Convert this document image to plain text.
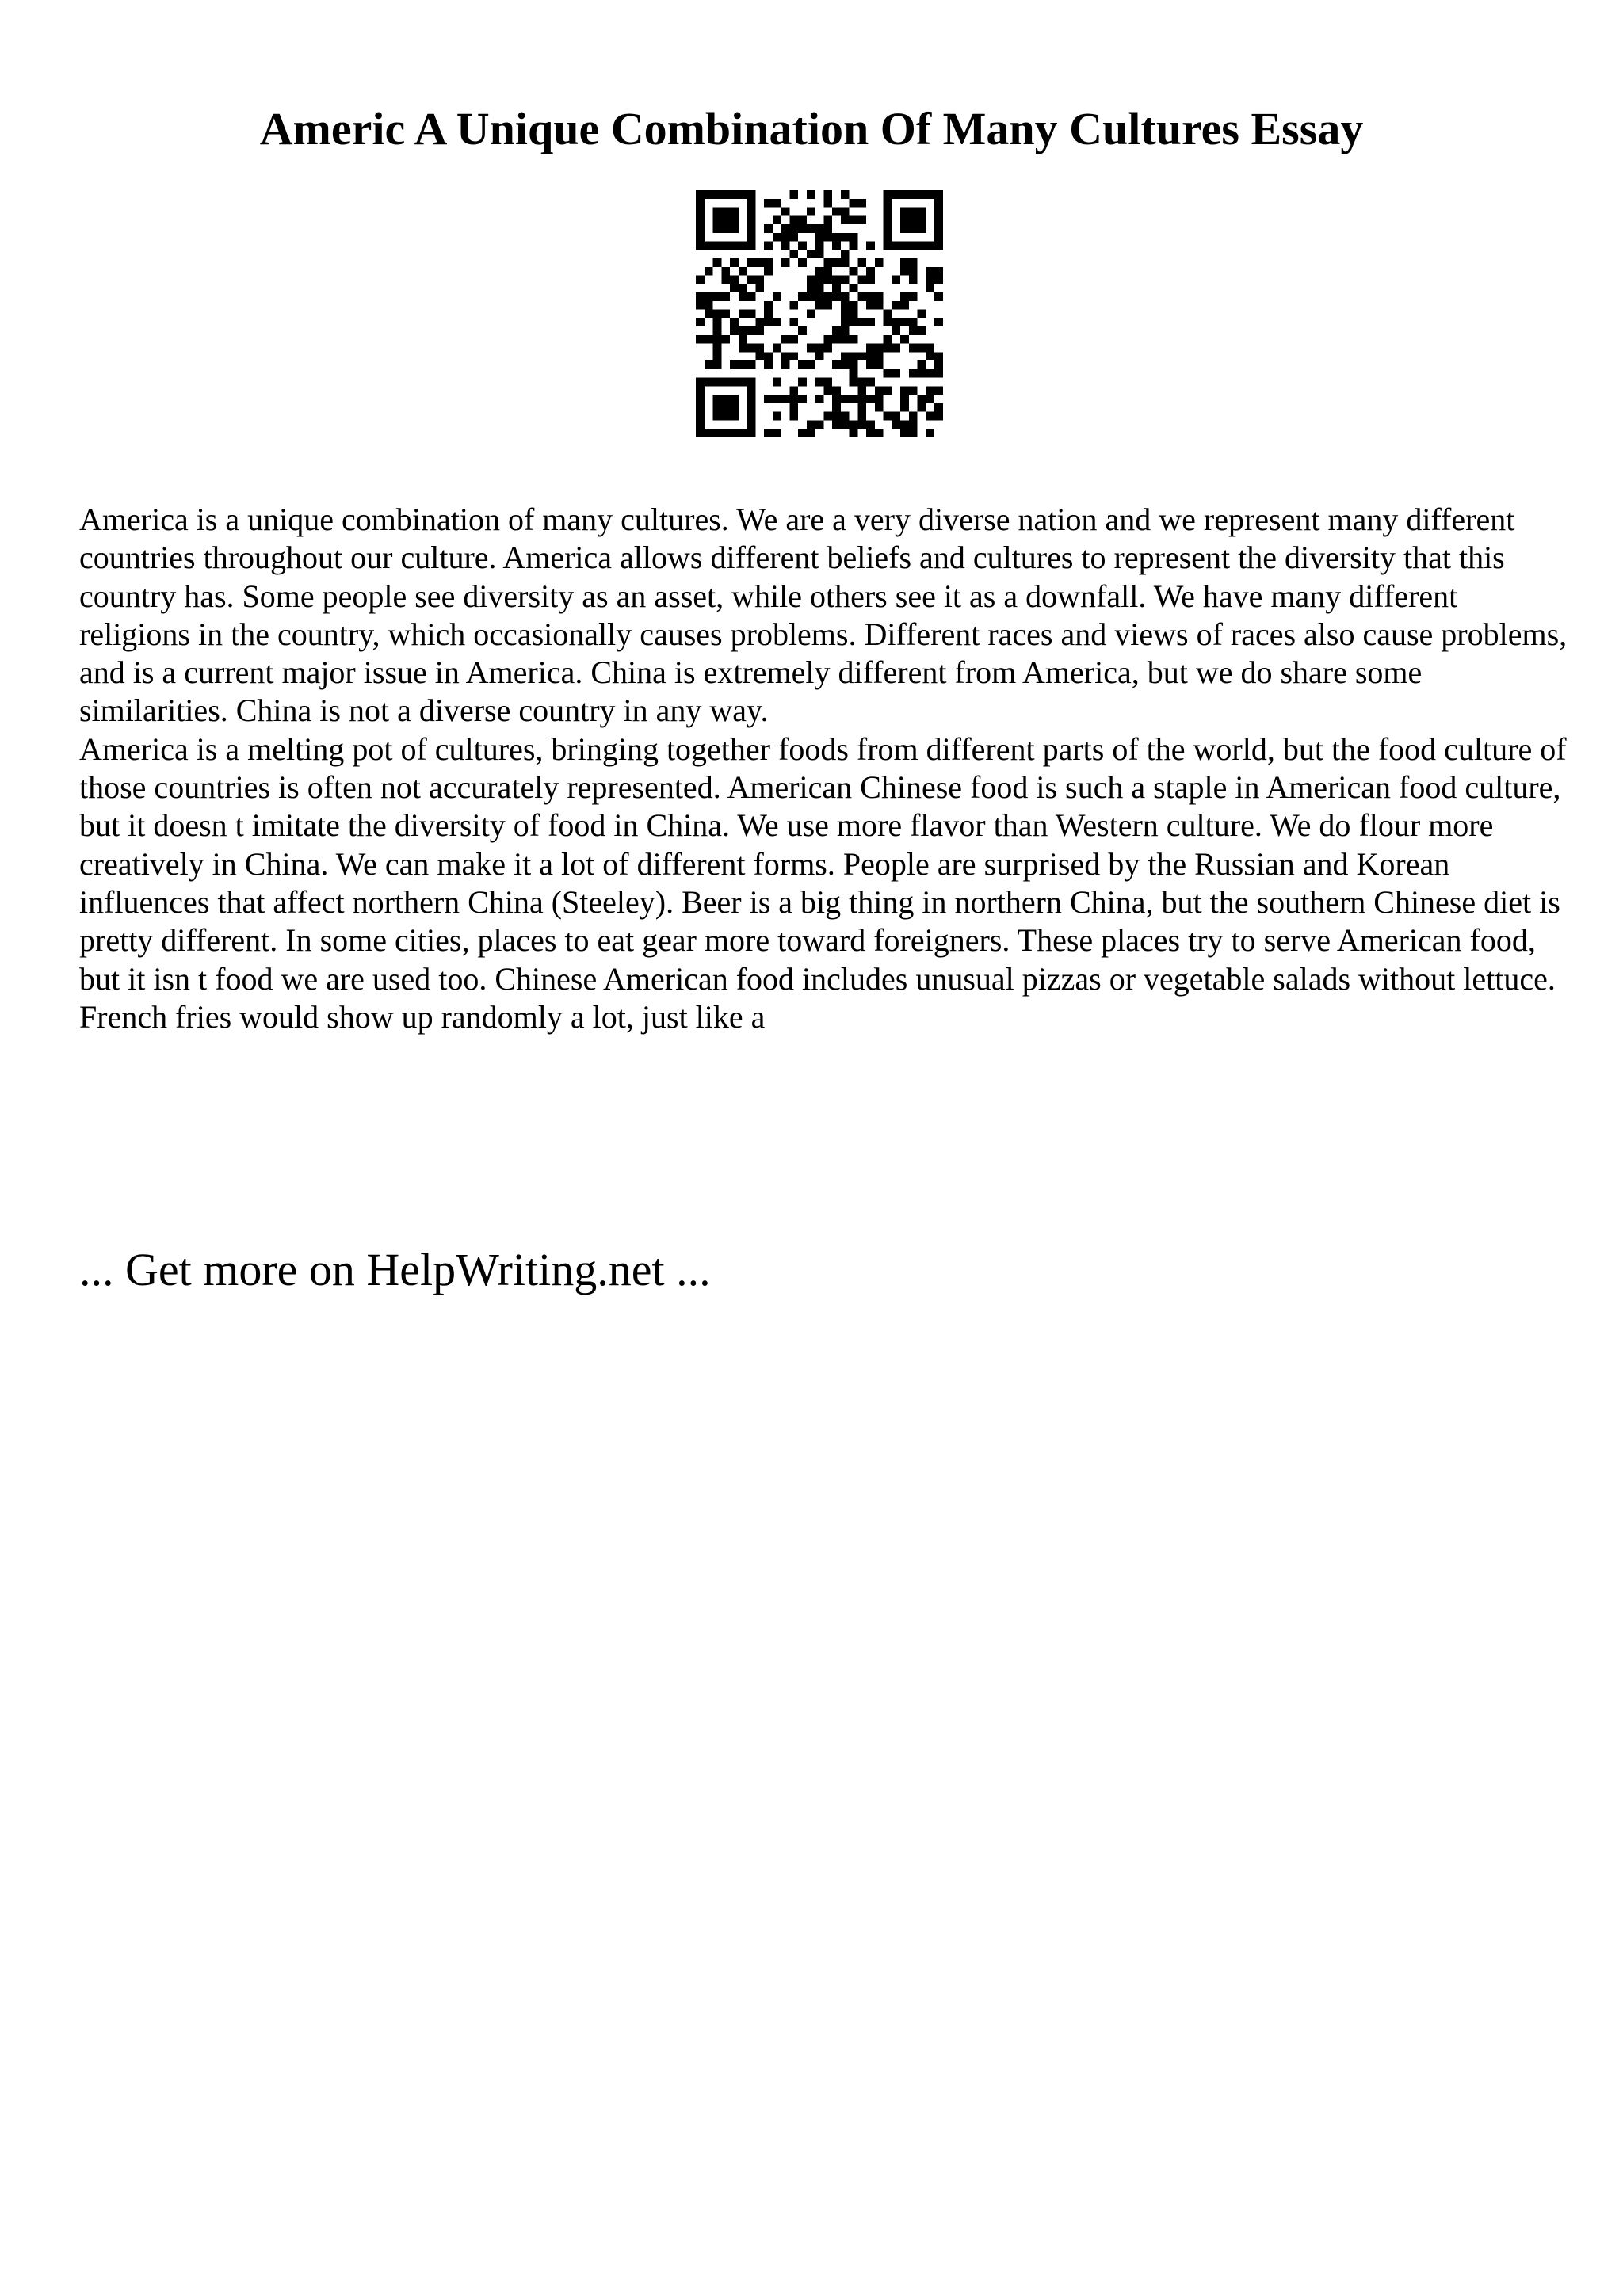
Americ A Unique Combination Of Many Cultures Essay

America is a unique combination of many cultures. We are a very diverse nation and we represent many different countries throughout our culture. America allows different beliefs and cultures to represent the diversity that this country has. Some people see diversity as an asset, while others see it as a downfall. We have many different religions in the country, which occasionally causes problems. Different races and views of races also cause problems, and is a current major issue in America. China is extremely different from America, but we do share some similarities. China is not a diverse country in any way.

America is a melting pot of cultures, bringing together foods from different parts of the world, but the food culture of those countries is often not accurately represented. American Chinese food is such a staple in American food culture, but it doesn t imitate the diversity of food in China. We use more flavor than Western culture. We do flour more creatively in China. We can make it a lot of different forms. People are surprised by the Russian and Korean influences that affect northern China (Steeley). Beer is a big thing in northern China, but the southern Chinese diet is pretty different. In some cities, places to eat gear more toward foreigners. These places try to serve American food, but it isn t food we are used too. Chinese American food includes unusual pizzas or vegetable salads without lettuce. French fries would show up randomly a lot, just like a

... Get more on HelpWriting.net ...
